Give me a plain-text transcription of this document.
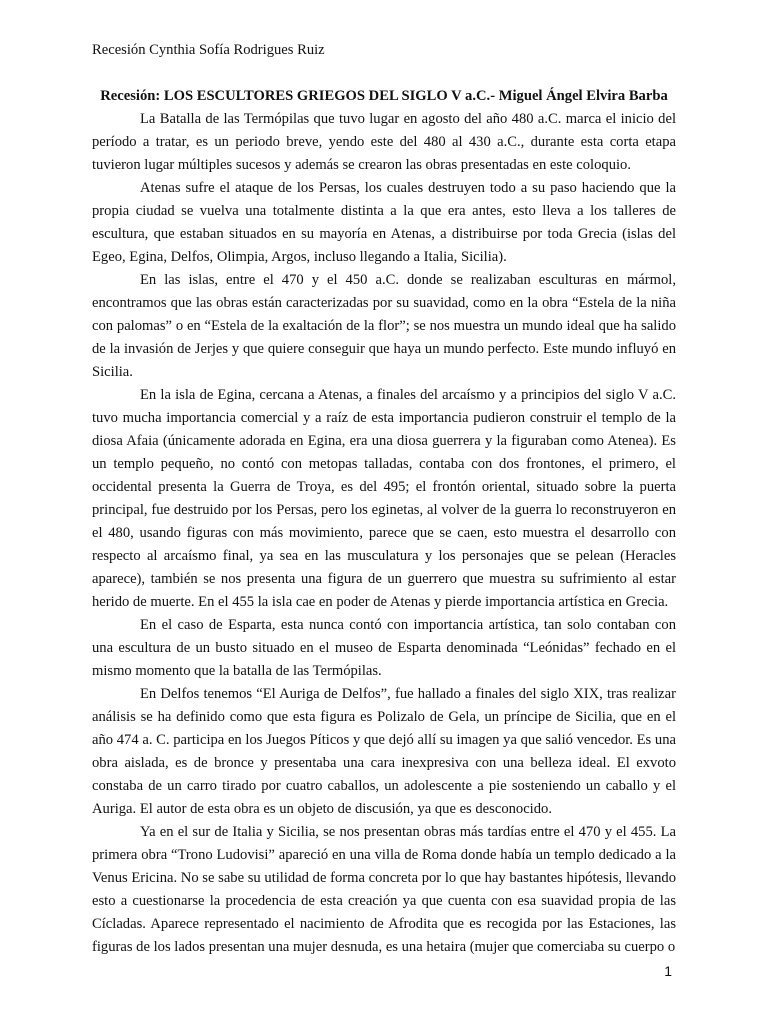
Recesión Cynthia Sofía Rodrigues Ruiz
Recesión: LOS ESCULTORES GRIEGOS DEL SIGLO V a.C.- Miguel Ángel Elvira Barba

La Batalla de las Termópilas que tuvo lugar en agosto del año 480 a.C. marca el inicio del período a tratar, es un periodo breve, yendo este del 480 al 430 a.C., durante esta corta etapa tuvieron lugar múltiples sucesos y además se crearon las obras presentadas en este coloquio.

Atenas sufre el ataque de los Persas, los cuales destruyen todo a su paso haciendo que la propia ciudad se vuelva una totalmente distinta a la que era antes, esto lleva a los talleres de escultura, que estaban situados en su mayoría en Atenas, a distribuirse por toda Grecia (islas del Egeo, Egina, Delfos, Olimpia, Argos, incluso llegando a Italia, Sicilia).

En las islas, entre el 470 y el 450 a.C. donde se realizaban esculturas en mármol, encontramos que las obras están caracterizadas por su suavidad, como en la obra “Estela de la niña con palomas” o en “Estela de la exaltación de la flor”; se nos muestra un mundo ideal que ha salido de la invasión de Jerjes y que quiere conseguir que haya un mundo perfecto. Este mundo influyó en Sicilia.

En la isla de Egina, cercana a Atenas, a finales del arcaísmo y a principios del siglo V a.C. tuvo mucha importancia comercial y a raíz de esta importancia pudieron construir el templo de la diosa Afaia (únicamente adorada en Egina, era una diosa guerrera y la figuraban como Atenea). Es un templo pequeño, no contó con metopas talladas, contaba con dos frontones, el primero, el occidental presenta la Guerra de Troya, es del 495; el frontón oriental, situado sobre la puerta principal, fue destruido por los Persas, pero los eginetas, al volver de la guerra lo reconstruyeron en el 480, usando figuras con más movimiento, parece que se caen, esto muestra el desarrollo con respecto al arcaísmo final, ya sea en las musculatura y los personajes que se pelean (Heracles aparece), también se nos presenta una figura de un guerrero que muestra su sufrimiento al estar herido de muerte. En el 455 la isla cae en poder de Atenas y pierde importancia artística en Grecia.

En el caso de Esparta, esta nunca contó con importancia artística, tan solo contaban con una escultura de un busto situado en el museo de Esparta denominada “Leónidas” fechado en el mismo momento que la batalla de las Termópilas.

En Delfos tenemos “El Auriga de Delfos”, fue hallado a finales del siglo XIX, tras realizar análisis se ha definido como que esta figura es Polizalo de Gela, un príncipe de Sicilia, que en el año 474 a. C. participa en los Juegos Píticos y que dejó allí su imagen ya que salió vencedor. Es una obra aislada, es de bronce y presentaba una cara inexpresiva con una belleza ideal. El exvoto constaba de un carro tirado por cuatro caballos, un adolescente a pie sosteniendo un caballo y el Auriga. El autor de esta obra es un objeto de discusión, ya que es desconocido.

Ya en el sur de Italia y Sicilia, se nos presentan obras más tardías entre el 470 y el 455. La primera obra “Trono Ludovisi” apareció en una villa de Roma donde había un templo dedicado a la Venus Ericina. No se sabe su utilidad de forma concreta por lo que hay bastantes hipótesis, llevando esto a cuestionarse la procedencia de esta creación ya que cuenta con esa suavidad propia de las Cícladas. Aparece representado el nacimiento de Afrodita que es recogida por las Estaciones, las figuras de los lados presentan una mujer desnuda, es una hetaira (mujer que comerciaba su cuerpo o

1
